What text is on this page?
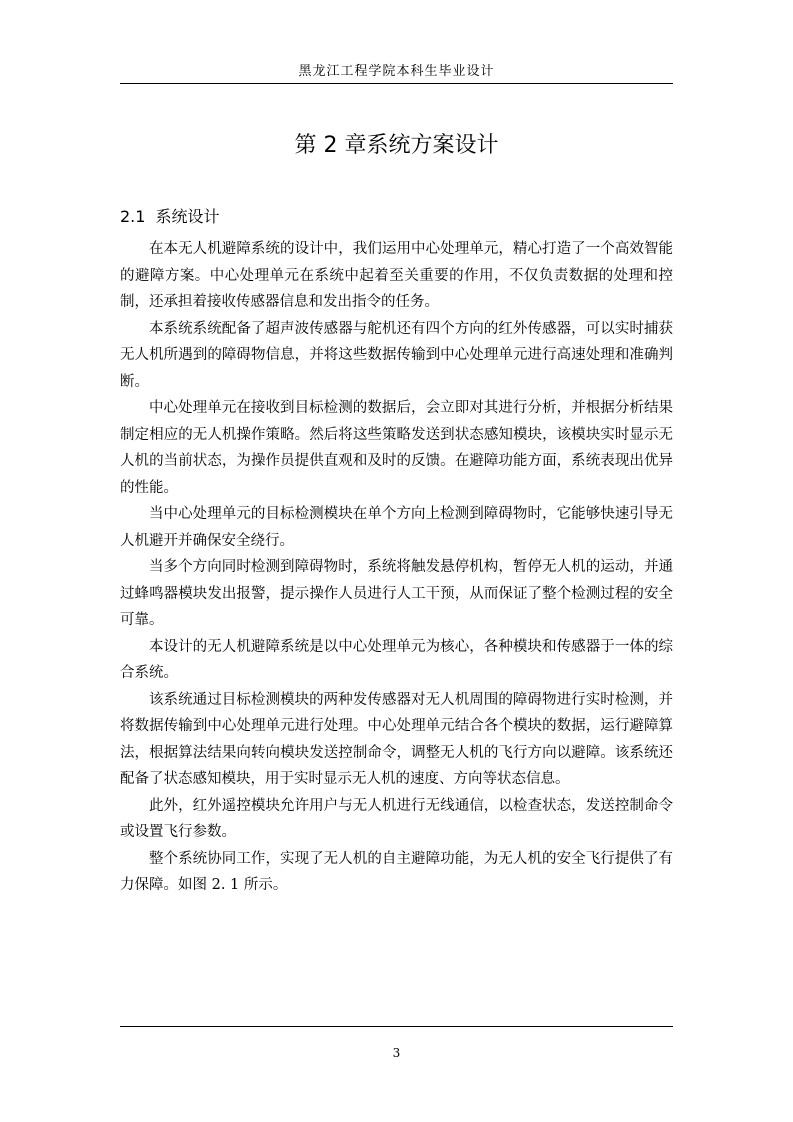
黑龙江工程学院本科生毕业设计
第 2 章系统方案设计
2.1 系统设计

在本无人机避障系统的设计中，我们运用中心处理单元，精心打造了一个高效智能的避障方案。中心处理单元在系统中起着至关重要的作用，不仅负责数据的处理和控制，还承担着接收传感器信息和发出指令的任务。

本系统系统配备了超声波传感器与舵机还有四个方向的红外传感器，可以实时捕获无人机所遇到的障碍物信息，并将这些数据传输到中心处理单元进行高速处理和准确判断。

中心处理单元在接收到目标检测的数据后，会立即对其进行分析，并根据分析结果制定相应的无人机操作策略。然后将这些策略发送到状态感知模块，该模块实时显示无人机的当前状态，为操作员提供直观和及时的反馈。在避障功能方面，系统表现出优异的性能。

当中心处理单元的目标检测模块在单个方向上检测到障碍物时，它能够快速引导无人机避开并确保安全绕行。

当多个方向同时检测到障碍物时，系统将触发悬停机构，暂停无人机的运动，并通过蜂鸣器模块发出报警，提示操作人员进行人工干预，从而保证了整个检测过程的安全可靠。

本设计的无人机避障系统是以中心处理单元为核心，各种模块和传感器于一体的综合系统。

该系统通过目标检测模块的两种发传感器对无人机周围的障碍物进行实时检测，并将数据传输到中心处理单元进行处理。中心处理单元结合各个模块的数据，运行避障算法，根据算法结果向转向模块发送控制命令，调整无人机的飞行方向以避障。该系统还配备了状态感知模块，用于实时显示无人机的速度、方向等状态信息。

此外，红外遥控模块允许用户与无人机进行无线通信，以检查状态，发送控制命令或设置飞行参数。

整个系统协同工作，实现了无人机的自主避障功能，为无人机的安全飞行提供了有力保障。如图 2. 1 所示。

3
